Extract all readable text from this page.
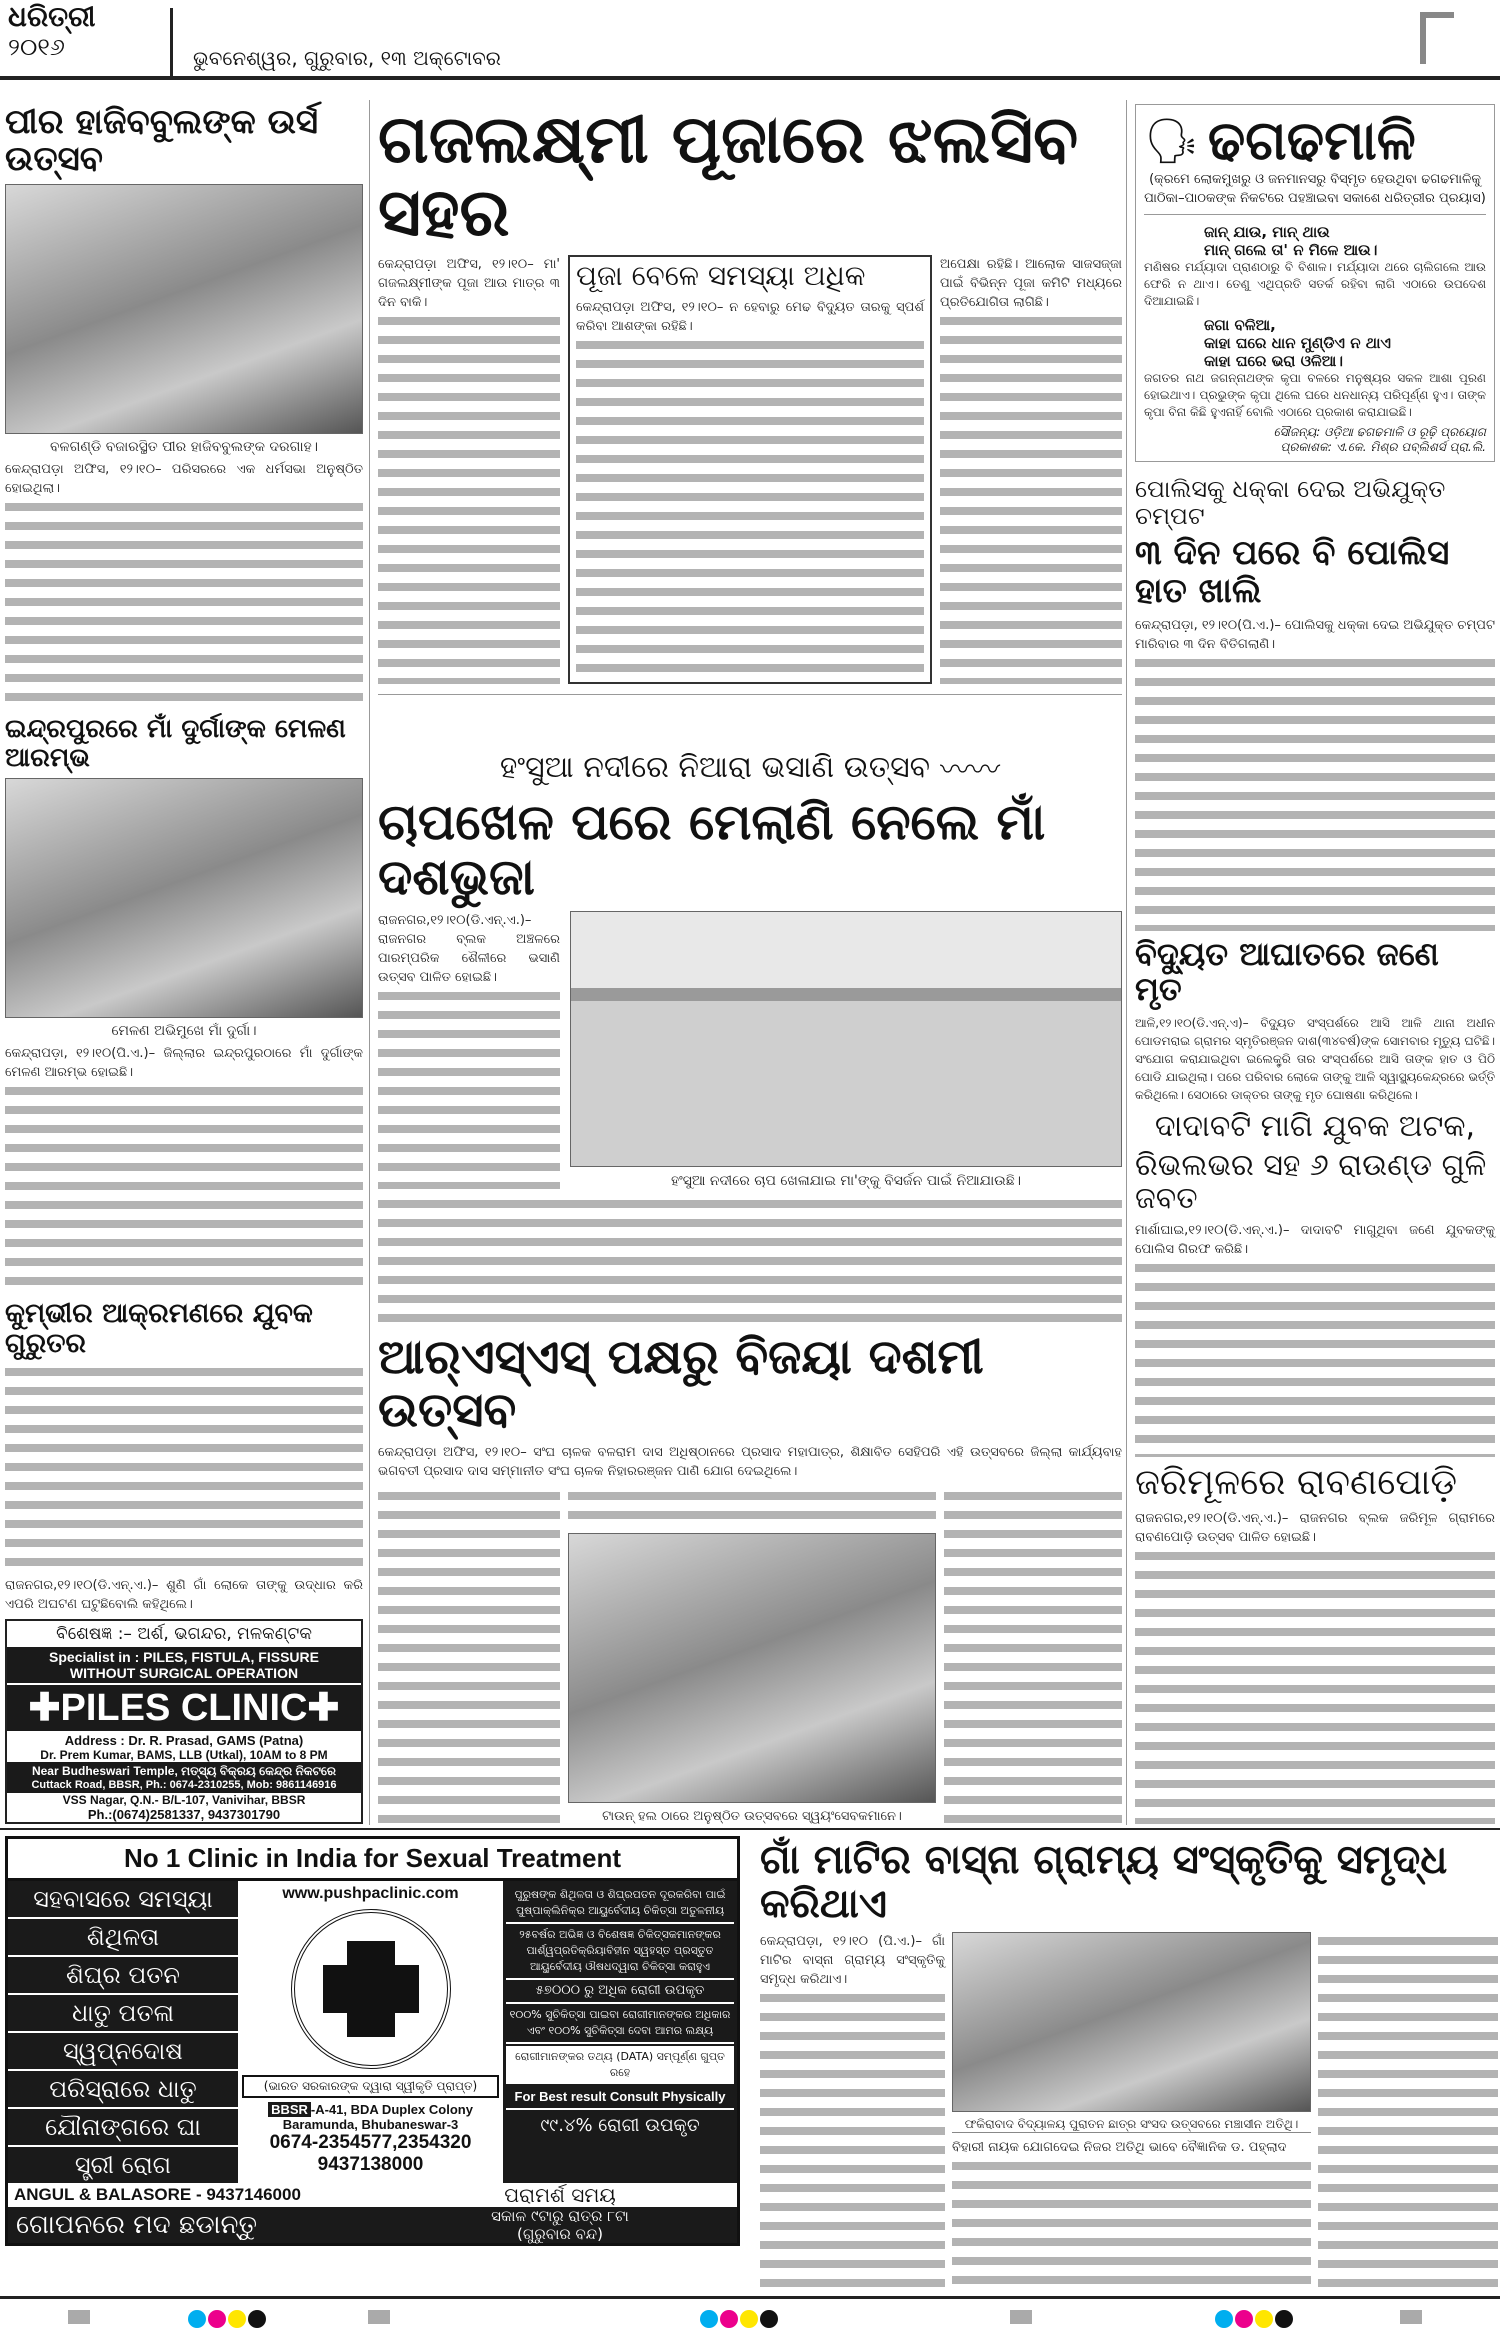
ଧରିତ୍ରୀ
୨୦୧୬	ଭୁବନେଶ୍ୱର, ଗୁରୁବାର, ୧୩ ଅକ୍ଟୋବର
ପୀର ହାଜିବବୁଲଙ୍କ ଉର୍ସ ଉତ୍ସବ
ବଳଗଣ୍ଡି ବଜାରସ୍ଥିତ ପୀର ହାଜିବବୁଲଙ୍କ ଦରଗାହ।

କେନ୍ଦ୍ରାପଡ଼ା ଅଫିସ, ୧୨।୧୦– ପରିସରରେ ଏକ ଧର୍ମସଭା ଅନୁଷ୍ଠିତ ହୋଇଥିଲା।

ଇନ୍ଦ୍ରପୁରରେ ମାଁ ଦୁର୍ଗାଙ୍କ ମେଳଣ ଆରମ୍ଭ
ମେଳଣ ଅଭିମୁଖେ ମାଁ ଦୁର୍ଗା।

କେନ୍ଦ୍ରାପଡ଼ା, ୧୨।୧୦(ପି.ଏ.)– ଜିଲ୍ଲାର ଇନ୍ଦ୍ରପୁରଠାରେ ମାଁ ଦୁର୍ଗାଙ୍କ ମେଳଣ ଆରମ୍ଭ ହୋଇଛି।

କୁମ୍ଭୀର ଆକ୍ରମଣରେ ଯୁବକ ଗୁରୁତର

ରାଜନଗର,୧୨।୧୦(ଡି.ଏନ୍.ଏ.)– ଶୁଣି ଗାଁ ଲୋକେ ତାଙ୍କୁ ଉଦ୍ଧାର କରି ଏପରି ଅଘଟଣ ଘଟୁଛିବୋଲି କହିଥିଲେ।

ବିଶେଷଜ୍ଞ :– ଅର୍ଶ, ଭଗନ୍ଦର, ମଳକଣ୍ଟକ
Specialist in : PILES, FISTULA, FISSURE
WITHOUT SURGICAL OPERATION
✚PILES CLINIC✚
Address : Dr. R. Prasad, GAMS (Patna)
Dr. Prem Kumar, BAMS, LLB (Utkal), 10AM to 8 PM
Near Budheswari Temple, ମତ୍ସ୍ୟ ବିକ୍ରୟ କେନ୍ଦ୍ର ନିକଟରେ
Cuttack Road, BBSR, Ph.: 0674-2310255, Mob: 9861146916
VSS Nagar, Q.N.- B/L-107, Vanivihar, BBSR
Ph.:(0674)2581337, 9437301790
ଗଜଲକ୍ଷ୍ମୀ ପୂଜାରେ ଝଲସିବ ସହର

କେନ୍ଦ୍ରାପଡ଼ା ଅଫିସ, ୧୨।୧୦– ମା' ଗଜଲକ୍ଷ୍ମୀଙ୍କ ପୂଜା ଆଉ ମାତ୍ର ୩ ଦିନ ବାକି।

ପୂଜା ବେଳେ ସମସ୍ୟା ଅଧିକ

କେନ୍ଦ୍ରାପଡ଼ା ଅଫିସ, ୧୨।୧୦– ନ ହେବାରୁ ମେଢ ବିଦ୍ୟୁତ ତାରକୁ ସ୍ପର୍ଶ କରିବା ଆଶଙ୍କା ରହିଛି।

ଅପେକ୍ଷା ରହିଛି। ଆଲୋକ ସାଜସଜ୍ଜା ପାଇଁ ବିଭିନ୍ନ ପୂଜା କମିଟି ମଧ୍ୟରେ ପ୍ରତିଯୋଗିତା ଲାଗିଛି।

ହଂସୁଆ ନଦୀରେ ନିଆରା ଭସାଣି ଉତ୍ସବ 〰〰
ଚାପଖେଳ ପରେ ମେଲାଣି ନେଲେ ମାଁ ଦଶଭୁଜା

ରାଜନଗର,୧୨।୧୦(ଡି.ଏନ୍.ଏ.)– ରାଜନଗର ବ୍ଲକ ଅଞ୍ଚଳରେ ପାରମ୍ପରିକ ଶୈଳୀରେ ଭସାଣି ଉତ୍ସବ ପାଳିତ ହୋଇଛି।

ହଂସୁଆ ନଦୀରେ ଚାପ ଖେଳାଯାଇ ମା'ଙ୍କୁ ବିସର୍ଜନ ପାଇଁ ନିଆଯାଉଛି।
ଆର୍‌ଏସ୍‌ଏସ୍ ପକ୍ଷରୁ ବିଜୟା ଦଶମୀ ଉତ୍ସବ

କେନ୍ଦ୍ରାପଡ଼ା ଅଫିସ, ୧୨।୧୦– ସଂଘ ଚାଳକ ବଳରାମ ଦାସ ଅଧିଷ୍ଠାନରେ ପ୍ରସାଦ ମହାପାତ୍ର, ଶିକ୍ଷାବିତ ସେହିପରି ଏହି ଉତ୍ସବରେ ଜିଲ୍ଲା କାର୍ଯ୍ୟବାହ ଭଗବତୀ ପ୍ରସାଦ ଦାସ ସମ୍ମାନୀତ ସଂଘ ଚାଳକ ନିହାରରଞ୍ଜନ ପାଣି ଯୋଗ ଦେଇଥିଲେ।

ଟାଉନ୍ ହଲ ଠାରେ ଅନୁଷ୍ଠିତ ଉତ୍ସବରେ ସ୍ୱୟଂସେବକମାନେ।
🗣 ଢଗଢମାଳି
(କ୍ରମେ ଲୋକମୁଖରୁ ଓ ଜନମାନସରୁ ବିସ୍ମୃତ ହେଉଥିବା ଢଗଢମାଳିକୁ ପାଠିକା–ପାଠକଙ୍କ ନିକଟରେ ପହଞ୍ଚାଇବା ସକାଶେ ଧରିତ୍ରୀର ପ୍ରୟାସ)
ଜାନ୍ ଯାଉ, ମାନ୍ ଥାଉ
ମାନ୍ ଗଲେ ତା' ନ ମିଳେ ଆଉ।
ମଣିଷର ମର୍ଯ୍ୟାଦା ପ୍ରାଣଠାରୁ ବି ବିଶାଳ। ମର୍ଯ୍ୟାଦା ଥରେ ଚାଲିଗଲେ ଆଉ ଫେରି ନ ଥାଏ। ତେଣୁ ଏଥିପ୍ରତି ସତର୍କ ରହିବା ଲାଗି ଏଠାରେ ଉପଦେଶ ଦିଆଯାଇଛି।
ଜଗା ବଳିଆ,
କାହା ଘରେ ଧାନ ମୁଣ୍ଡିଏ ନ ଥାଏ
କାହା ଘରେ ଭରା ଓଳିଆ।
ଜଗତର ନାଥ ଜଗନ୍ନାଥଙ୍କ କୃପା ବଳରେ ମନୁଷ୍ୟର ସକଳ ଆଶା ପୂରଣ ହୋଇଥାଏ। ପ୍ରଭୁଙ୍କ କୃପା ଥିଲେ ଘରେ ଧନଧାନ୍ୟ ପରିପୂର୍ଣ୍ଣ ହୁଏ। ତାଙ୍କ କୃପା ବିନା କିଛି ହୁଏନାହିଁ ବୋଲି ଏଠାରେ ପ୍ରକାଶ କରାଯାଇଛି।
ସୌଜନ୍ୟ: ଓଡ଼ିଆ ଢଗଢମାଳି ଓ ରୂଢ଼ି ପ୍ରୟୋଗ
ପ୍ରକାଶକ: ଏ.କେ. ମିଶ୍ର ପବ୍ଲିଶର୍ସ ପ୍ରା.ଲି.
ପୋଲିସକୁ ଧକ୍କା ଦେଇ ଅଭିଯୁକ୍ତ ଚମ୍ପଟ
୩ ଦିନ ପରେ ବି ପୋଲିସ ହାତ ଖାଲି

କେନ୍ଦ୍ରାପଡ଼ା, ୧୨।୧୦(ପି.ଏ.)– ପୋଲିସକୁ ଧକ୍କା ଦେଇ ଅଭିଯୁକ୍ତ ଚମ୍ପଟ ମାରିବାର ୩ ଦିନ ବିତିଗଲାଣି।

ବିଦ୍ୟୁତ ଆଘାତରେ ଜଣେ ମୃତ
ଆଳି,୧୨।୧୦(ଡି.ଏନ୍.ଏ)– ବିଦ୍ୟୁତ ସଂସ୍ପର୍ଶରେ ଆସି ଆଳି ଥାନା ଅଧୀନ ପୋଡମରାଇ ଗ୍ରାମର ସ୍ମୃତିରଞ୍ଜନ ଦାଶ(୩୪ବର୍ଷ)ଙ୍କ ସୋମବାର ମୃତ୍ୟୁ ଘଟିଛି। ସଂଯୋଗ କରାଯାଇଥିବା ଇଲେକ୍ଟ୍ରି ତାର ସଂସ୍ପର୍ଶରେ ଆସି ତାଙ୍କ ହାତ ଓ ପିଠି ପୋଡି ଯାଇଥିଲା। ପରେ ପରିବାର ଲୋକେ ତାଙ୍କୁ ଆଳି ସ୍ୱାସ୍ଥ୍ୟକେନ୍ଦ୍ରରେ ଭର୍ତ୍ତି କରିଥିଲେ। ସେଠାରେ ଡାକ୍ତର ତାଙ୍କୁ ମୃତ ଘୋଷଣା କରିଥିଲେ।
ଦାଦାବଟି ମାଗି ଯୁବକ ଅଟକ,
ରିଭଲଭର ସହ ୬ ରାଉଣ୍ଡ ଗୁଳି ଜବତ

ମାର୍ଶାଘାଇ,୧୨।୧୦(ଡି.ଏନ୍.ଏ.)– ଦାଦାବଟି ମାଗୁଥିବା ଜଣେ ଯୁବକଙ୍କୁ ପୋଲିସ ଗିରଫ କରିଛି।

ଜରିମୂଳରେ ରାବଣପୋଡ଼ି

ରାଜନଗର,୧୨।୧୦(ଡି.ଏନ୍.ଏ.)– ରାଜନଗର ବ୍ଲକ ଜରିମୂଳ ଗ୍ରାମରେ ରାବଣପୋଡ଼ି ଉତ୍ସବ ପାଳିତ ହୋଇଛି।

No 1 Clinic in India for Sexual Treatment
ସହବାସରେ ସମସ୍ୟା
ଶିଥିଳତା
ଶିଘ୍ର ପତନ
ଧାତୁ ପତଳା
ସ୍ୱପ୍ନଦୋଷ
ପରିସ୍ରାରେ ଧାତୁ
ଯୌନାଙ୍ଗରେ ଘା
ସ୍ତ୍ରୀ ରୋଗ
www.pushpaclinic.com
(ଭାରତ ସରକାରଙ୍କ ଦ୍ୱାରା ସ୍ୱୀକୃତି ପ୍ରାପ୍ତ)
BBSR -A-41, BDA Duplex Colony
Baramunda, Bhubaneswar-3
0674-2354577,2354320
9437138000
ପୁରୁଷଙ୍କ ଶିଥିଳତା ଓ ଶିଘ୍ରପତନ ଦୂରକରିବା ପାଇଁ ପୁଷ୍ପାକ୍ଲିନିକ୍‌ର ଆୟୁର୍ବେଦୀୟ ଚିକିତ୍ସା ଅତୁଳନୀୟ
୨୫ବର୍ଷର ଅଭିଜ୍ଞ ଓ ବିଶେଷଜ୍ଞ ଚିକିତ୍ସକମାନଙ୍କର ପାର୍ଶ୍ୱପ୍ରତିକ୍ରିୟାବିହୀନ ସ୍ୱହସ୍ତ ପ୍ରସ୍ତୁତ ଆୟୁର୍ବେଦୀୟ ଔଷଧଦ୍ୱାରା ଚିକିତ୍ସା କରାହୁଏ
୫୭୦୦୦ ରୁ ଅଧିକ ରୋଗୀ ଉପକୃତ
୧୦୦% ସୁଚିକିତ୍ସା ପାଇବା ରୋଗୀମାନଙ୍କର ଅଧିକାର ଏବଂ ୧୦୦% ସୁଚିକିତ୍ସା ଦେବା ଆମର ଲକ୍ଷ୍ୟ
ରୋଗୀମାନଙ୍କର ତଥ୍ୟ (DATA) ସମ୍ପୂର୍ଣ୍ଣ ଗୁପ୍ତ ରହେ
For Best result Consult Physically
୯୯.୪% ରୋଗୀ ଉପକୃତ
ANGUL & BALASORE - 9437146000
ଗୋପନରେ ମଦ ଛଡାନ୍ତୁ
ପରାମର୍ଶ ସମୟ
ସକାଳ ୯ଟାରୁ ରାତ୍ର ୮ଟା
(ଗୁରୁବାର ବନ୍ଦ)
ଗାଁ ମାଟିର ବାସ୍ନା ଗ୍ରାମ୍ୟ ସଂସ୍କୃତିକୁ ସମୃଦ୍ଧ କରିଥାଏ

କେନ୍ଦ୍ରାପଡ଼ା, ୧୨।୧୦ (ପି.ଏ.)– ଗାଁ ମାଟିର ବାସ୍ନା ଗ୍ରାମ୍ୟ ସଂସ୍କୃତିକୁ ସମୃଦ୍ଧ କରିଥାଏ।

ଫକିରାବାଦ ବିଦ୍ୟାଳୟ ପୁରାତନ ଛାତ୍ର ସଂସଦ ଉତ୍ସବରେ ମଞ୍ଚାସୀନ ଅତିଥି।

ବିହାରୀ ନାୟକ ଯୋଗଦେଇ ନିଜର ଅତିଥି ଭାବେ ବୈଜ୍ଞାନିକ ଡ. ପହ୍ଲାଦ
